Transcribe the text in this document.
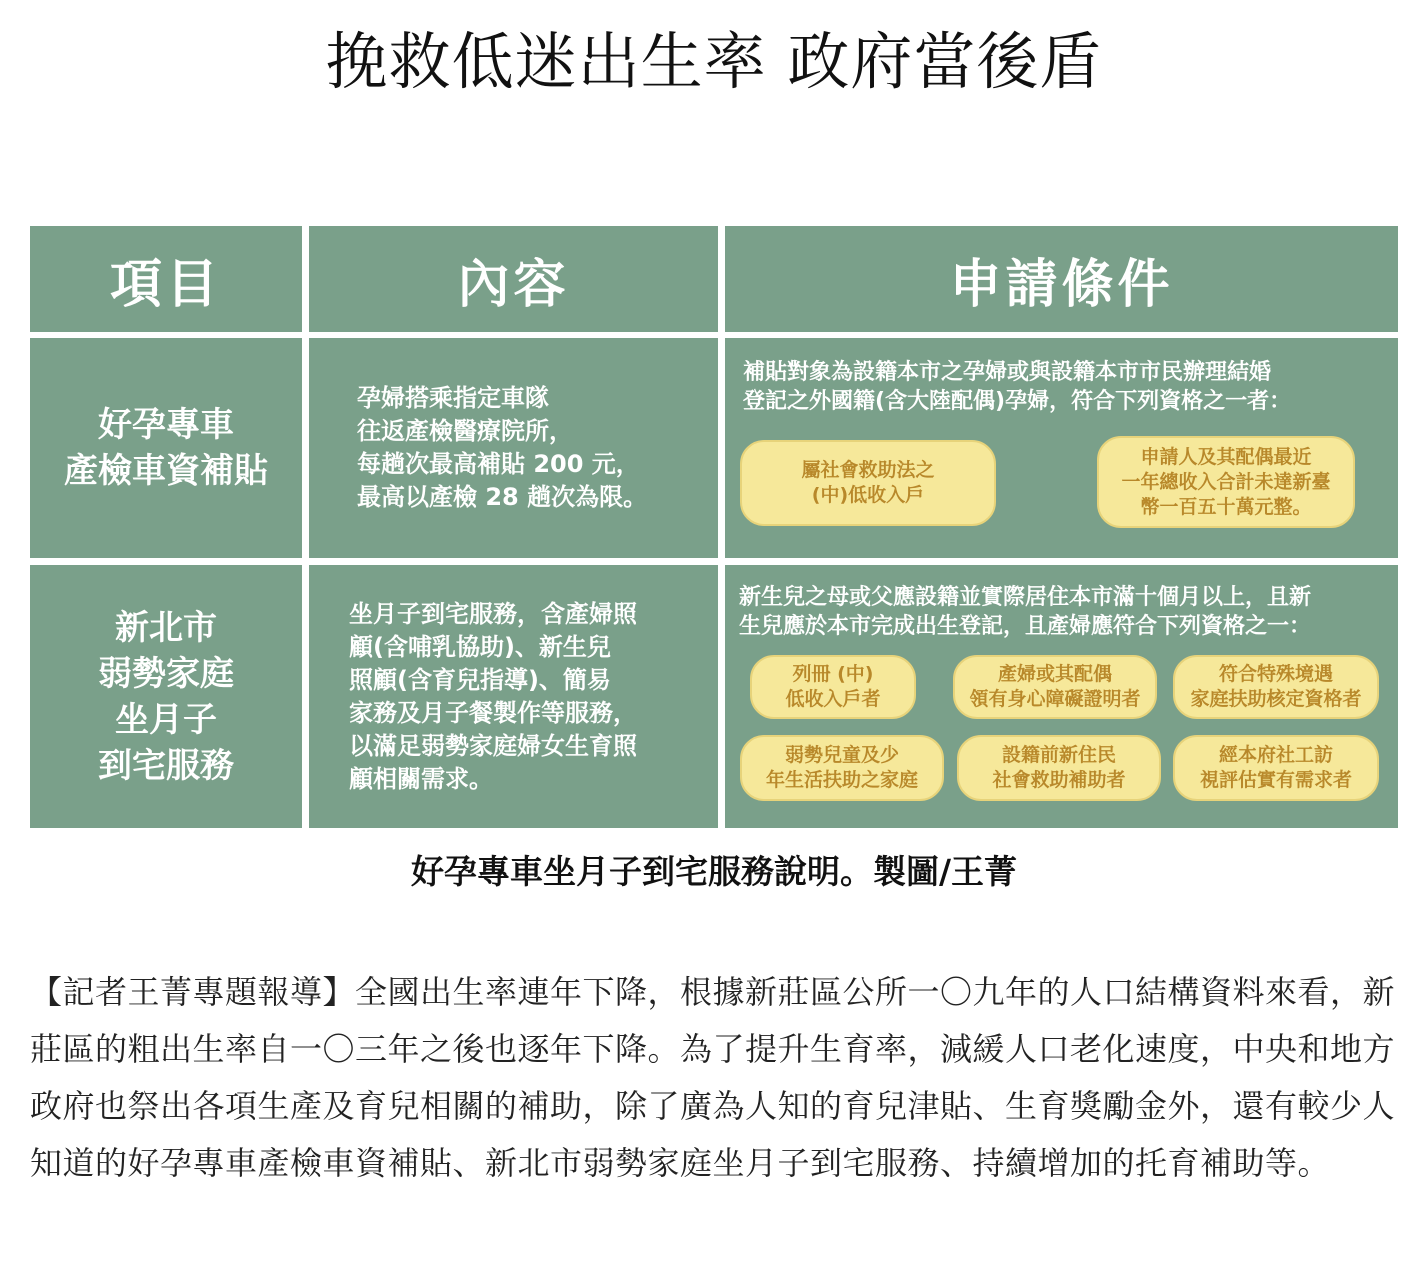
挽救低迷出生率 政府當後盾
項目	內容	申請條件
好孕專車
產檢車資補貼
孕婦搭乘指定車隊
往返產檢醫療院所，
每趟次最高補貼 200 元，
最高以產檢 28 趟次為限。
補貼對象為設籍本市之孕婦或與設籍本市市民辦理結婚
登記之外國籍(含大陸配偶)孕婦，符合下列資格之一者：
屬社會救助法之
(中)低收入戶
申請人及其配偶最近
一年總收入合計未達新臺
幣一百五十萬元整。
新北市
弱勢家庭
坐月子
到宅服務
坐月子到宅服務，含產婦照
顧(含哺乳協助)、新生兒
照顧(含育兒指導)、簡易
家務及月子餐製作等服務，
以滿足弱勢家庭婦女生育照
顧相關需求。
新生兒之母或父應設籍並實際居住本市滿十個月以上，且新
生兒應於本市完成出生登記，且產婦應符合下列資格之一：
列冊 (中)
低收入戶者
產婦或其配偶
領有身心障礙證明者
符合特殊境遇
家庭扶助核定資格者
弱勢兒童及少
年生活扶助之家庭
設籍前新住民
社會救助補助者
經本府社工訪
視評估實有需求者
好孕專車坐月子到宅服務說明。製圖/王菁

【記者王菁專題報導】全國出生率連年下降，根據新莊區公所一〇九年的人口結構資料來看，新莊區的粗出生率自一〇三年之後也逐年下降。為了提升生育率，減緩人口老化速度，中央和地方政府也祭出各項生產及育兒相關的補助，除了廣為人知的育兒津貼、生育獎勵金外，還有較少人知道的好孕專車產檢車資補貼、新北市弱勢家庭坐月子到宅服務、持續增加的托育補助等。
